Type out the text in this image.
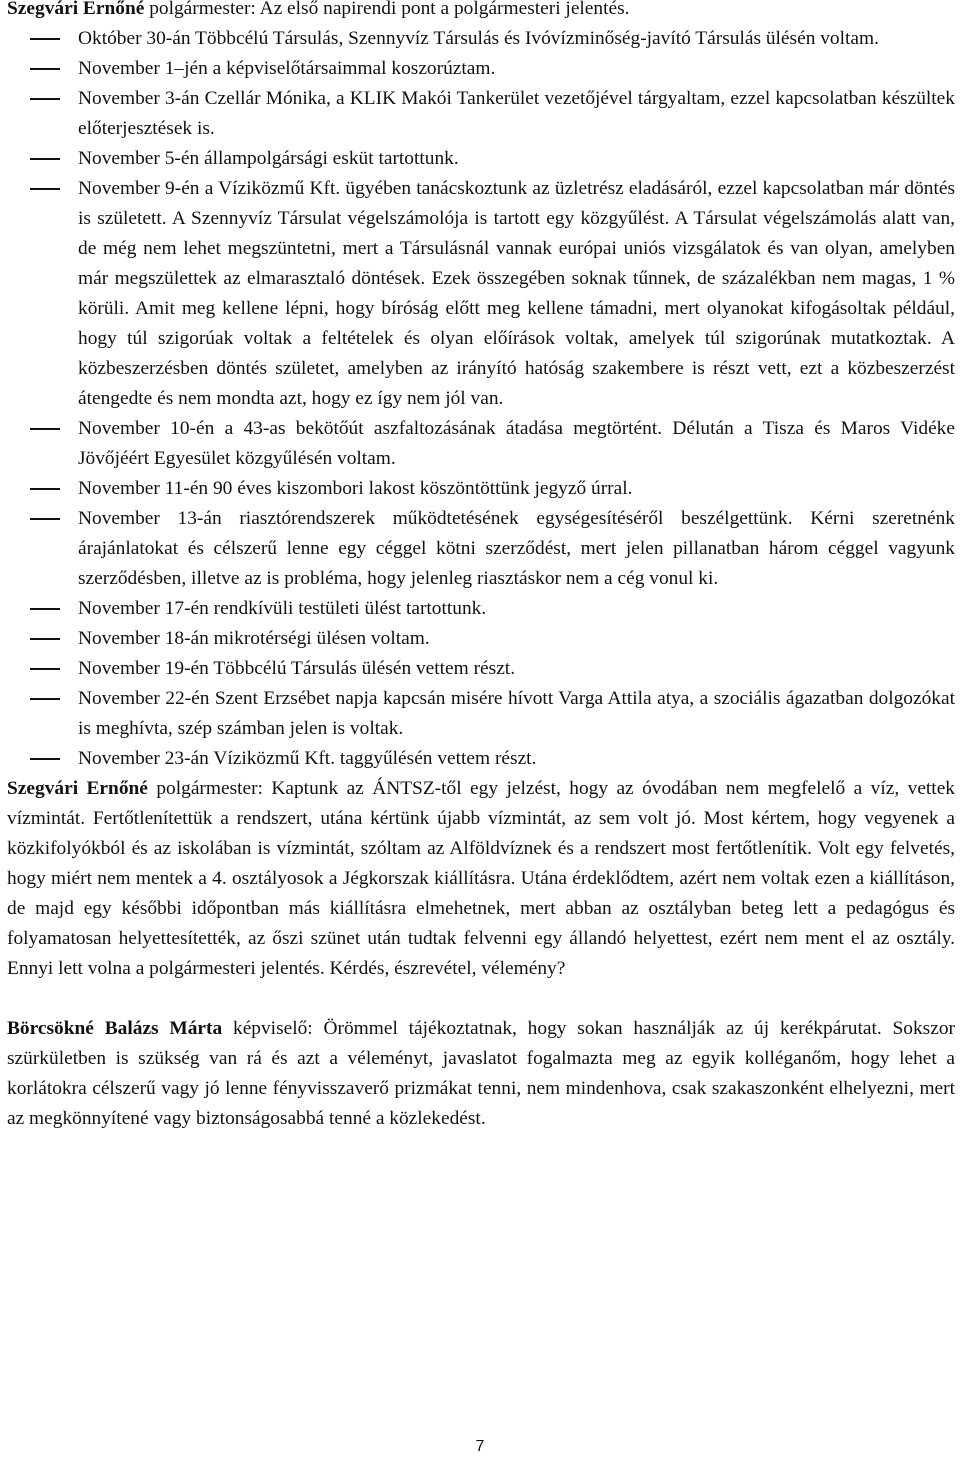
Szegvári Ernőné polgármester: Az első napirendi pont a polgármesteri jelentés.

Október 30-án Többcélú Társulás, Szennyvíz Társulás és Ivóvízminőség-javító Társulás ülésén voltam.
November 1–jén a képviselőtársaimmal koszorúztam.
November 3-án Czellár Mónika, a KLIK Makói Tankerület vezetőjével tárgyaltam, ezzel kapcsolatban készültek előterjesztések is.
November 5-én állampolgársági esküt tartottunk.
November 9-én a Víziközmű Kft. ügyében tanácskoztunk az üzletrész eladásáról, ezzel kapcsolatban már döntés is született. A Szennyvíz Társulat végelszámolója is tartott egy közgyűlést. A Társulat végelszámolás alatt van, de még nem lehet megszüntetni, mert a Társulásnál vannak európai uniós vizsgálatok és van olyan, amelyben már megszülettek az elmarasztaló döntések. Ezek összegében soknak tűnnek, de százalékban nem magas, 1 % körüli. Amit meg kellene lépni, hogy bíróság előtt meg kellene támadni, mert olyanokat kifogásoltak például, hogy túl szigorúak voltak a feltételek és olyan előírások voltak, amelyek túl szigorúnak mutatkoztak. A közbeszerzésben döntés születet, amelyben az irányító hatóság szakembere is részt vett, ezt a közbeszerzést átengedte és nem mondta azt, hogy ez így nem jól van.
November 10-én a 43-as bekötőút aszfaltozásának átadása megtörtént. Délután a Tisza és Maros Vidéke Jövőjéért Egyesület közgyűlésén voltam.
November 11-én 90 éves kiszombori lakost köszöntöttünk jegyző úrral.
November 13-án riasztórendszerek működtetésének egységesítéséről beszélgettünk. Kérni szeretnénk árajánlatokat és célszerű lenne egy céggel kötni szerződést, mert jelen pillanatban három céggel vagyunk szerződésben, illetve az is probléma, hogy jelenleg riasztáskor nem a cég vonul ki.
November 17-én rendkívüli testületi ülést tartottunk.
November 18-án mikrotérségi ülésen voltam.
November 19-én Többcélú Társulás ülésén vettem részt.
November 22-én Szent Erzsébet napja kapcsán misére hívott Varga Attila atya, a szociális ágazatban dolgozókat is meghívta, szép számban jelen is voltak.
November 23-án Víziközmű Kft. taggyűlésén vettem részt.

Szegvári Ernőné polgármester: Kaptunk az ÁNTSZ-től egy jelzést, hogy az óvodában nem megfelelő a víz, vettek vízmintát. Fertőtlenítettük a rendszert, utána kértünk újabb vízmintát, az sem volt jó. Most kértem, hogy vegyenek a közkifolyókból és az iskolában is vízmintát, szóltam az Alföldvíznek és a rendszert most fertőtlenítik. Volt egy felvetés, hogy miért nem mentek a 4. osztályosok a Jégkorszak kiállításra. Utána érdeklődtem, azért nem voltak ezen a kiállításon, de majd egy későbbi időpontban más kiállításra elmehetnek, mert abban az osztályban beteg lett a pedagógus és folyamatosan helyettesítették, az őszi szünet után tudtak felvenni egy állandó helyettest, ezért nem ment el az osztály. Ennyi lett volna a polgármesteri jelentés. Kérdés, észrevétel, vélemény?

Börcsökné Balázs Márta képviselő: Örömmel tájékoztatnak, hogy sokan használják az új kerékpárutat. Sokszor szürkületben is szükség van rá és azt a véleményt, javaslatot fogalmazta meg az egyik kolléganőm, hogy lehet a korlátokra célszerű vagy jó lenne fényvisszaverő prizmákat tenni, nem mindenhova, csak szakaszonként elhelyezni, mert az megkönnyítené vagy biztonságosabbá tenné a közlekedést.

7
